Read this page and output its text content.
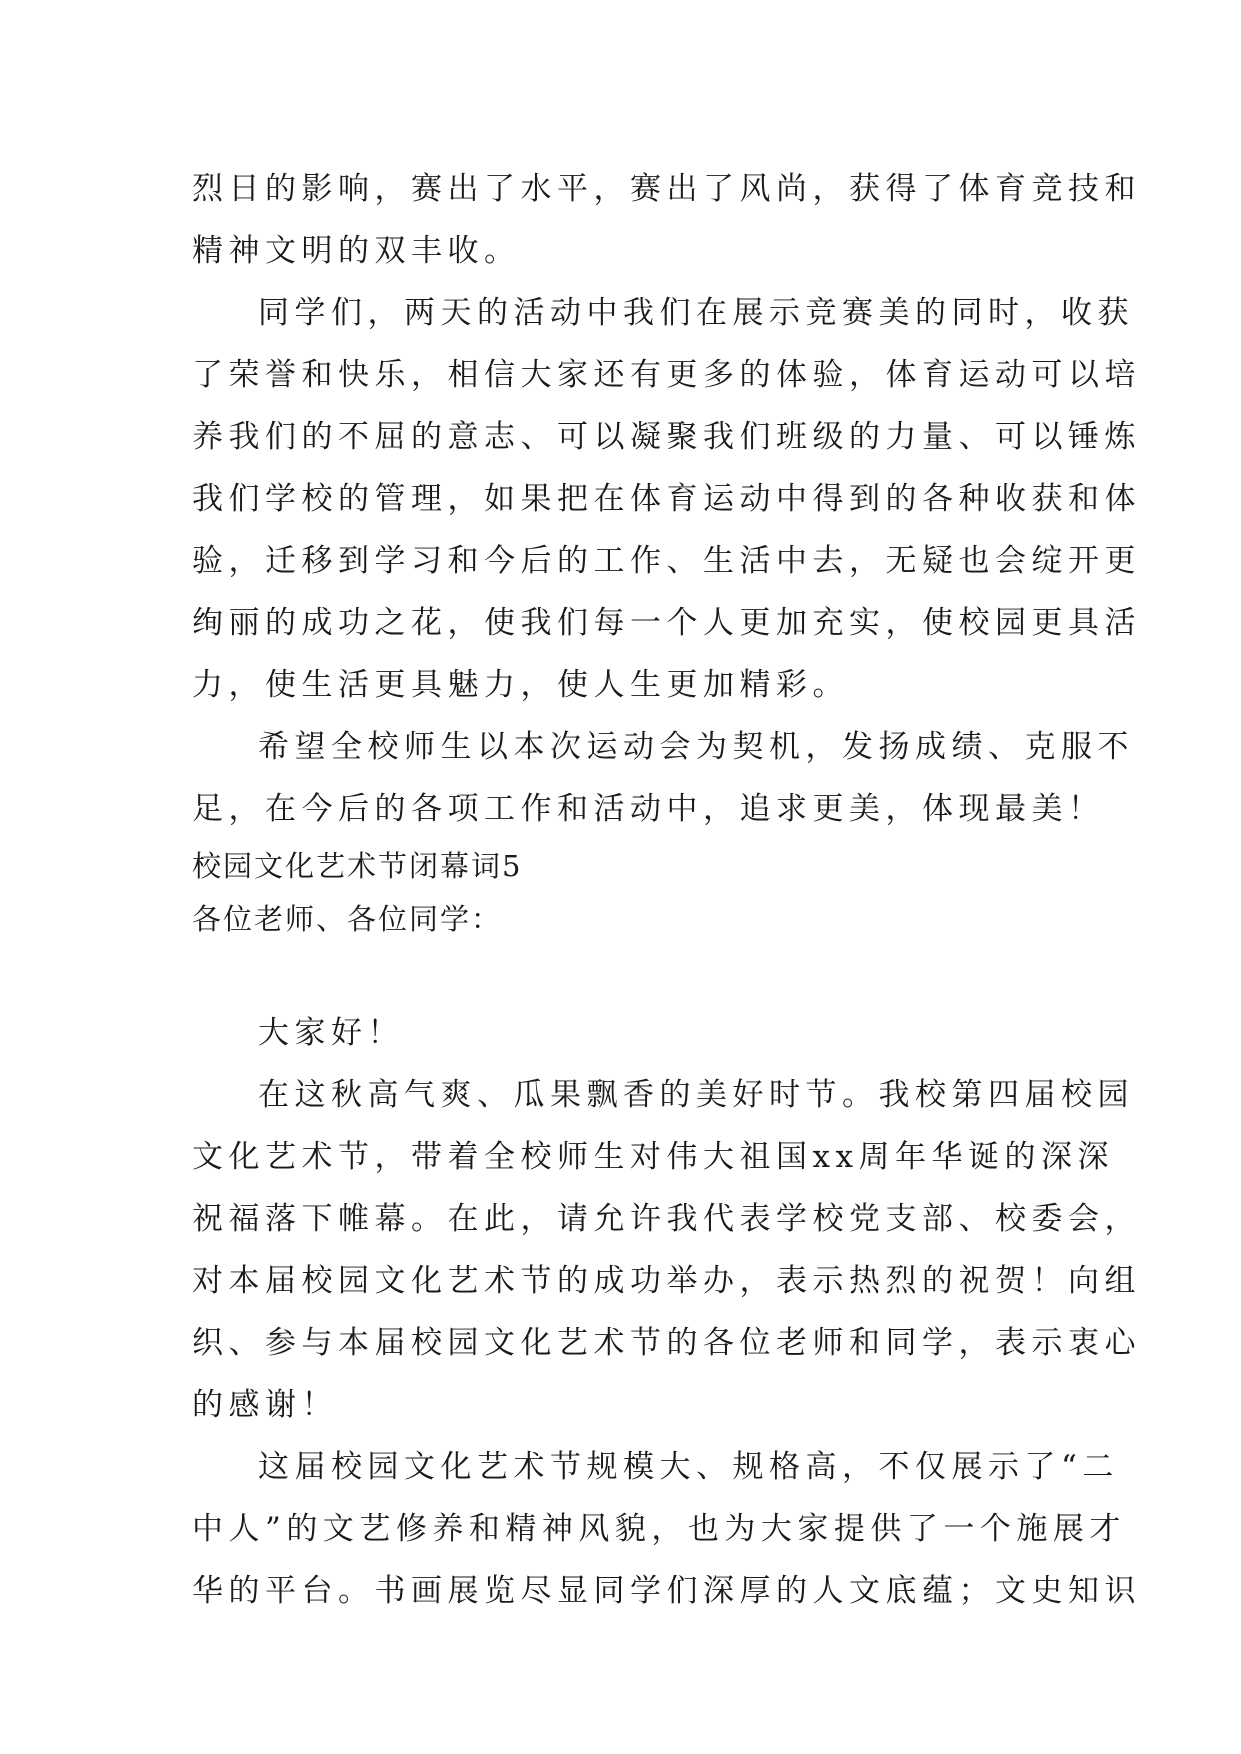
烈日的影响，赛出了水平，赛出了风尚，获得了体育竞技和
精神文明的双丰收。
同学们，两天的活动中我们在展示竞赛美的同时，收获
了荣誉和快乐，相信大家还有更多的体验，体育运动可以培
养我们的不屈的意志、可以凝聚我们班级的力量、可以锤炼
我们学校的管理，如果把在体育运动中得到的各种收获和体
验，迁移到学习和今后的工作、生活中去，无疑也会绽开更
绚丽的成功之花，使我们每一个人更加充实，使校园更具活
力，使生活更具魅力，使人生更加精彩。
希望全校师生以本次运动会为契机，发扬成绩、克服不
足，在今后的各项工作和活动中，追求更美，体现最美！
校园文化艺术节闭幕词5
各位老师、各位同学：
大家好！
在这秋高气爽、瓜果飘香的美好时节。我校第四届校园
文化艺术节，带着全校师生对伟大祖国xx周年华诞的深深
祝福落下帷幕。在此，请允许我代表学校党支部、校委会，
对本届校园文化艺术节的成功举办，表示热烈的祝贺！向组
织、参与本届校园文化艺术节的各位老师和同学，表示衷心
的感谢！
这届校园文化艺术节规模大、规格高，不仅展示了“二
中人”的文艺修养和精神风貌，也为大家提供了一个施展才
华的平台。书画展览尽显同学们深厚的人文底蕴；文史知识
